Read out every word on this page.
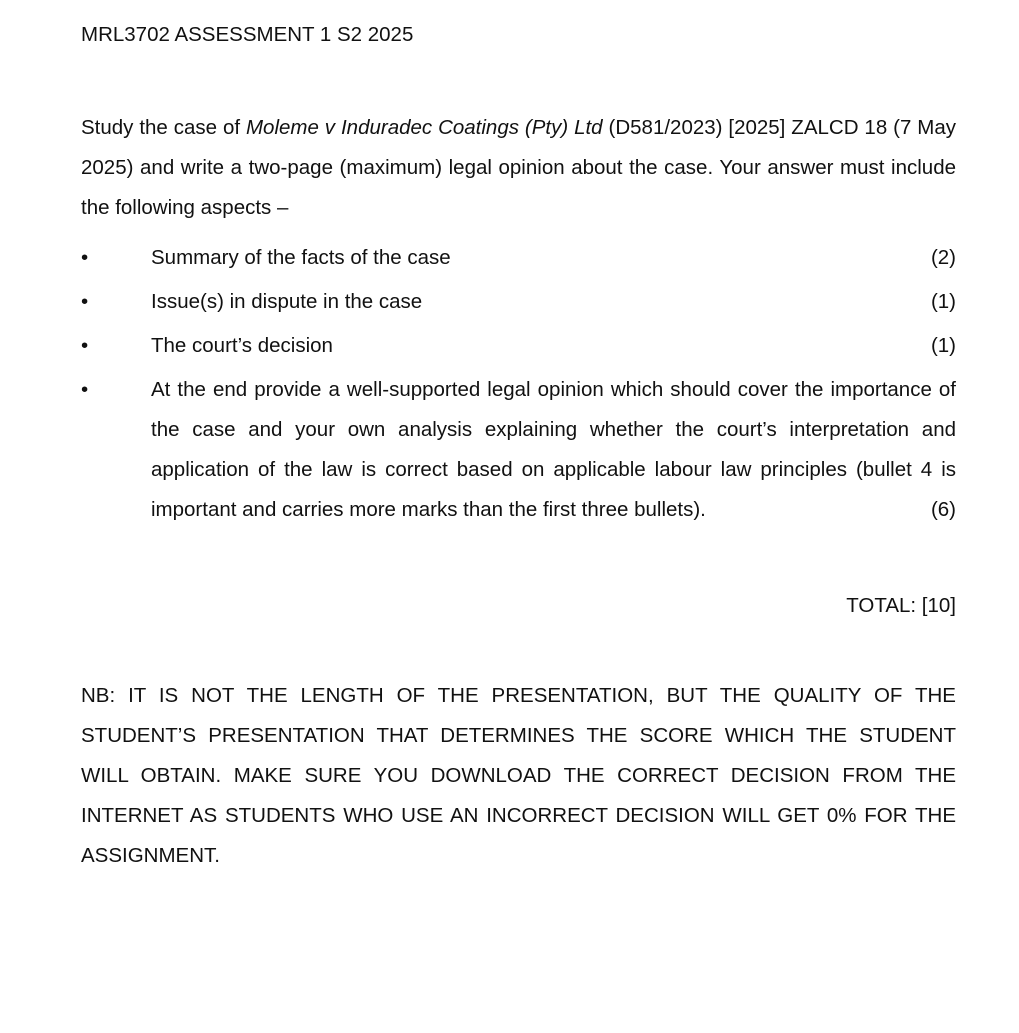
MRL3702 ASSESSMENT 1 S2 2025

Study the case of Moleme v Induradec Coatings (Pty) Ltd (D581/2023) [2025] ZALCD 18 (7 May 2025) and write a two-page (maximum) legal opinion about the case. Your answer must include the following aspects –

•	Summary of the facts of the case	(2)
•	Issue(s) in dispute in the case	(1)
•	The court’s decision	(1)
•	At the end provide a well-supported legal opinion which should cover the importance of the case and your own analysis explaining whether the court’s interpretation and application of the law is correct based on applicable labour law principles (bullet 4 is important and carries more marks than the first three bullets).	(6)
TOTAL: [10]

NB: IT IS NOT THE LENGTH OF THE PRESENTATION, BUT THE QUALITY OF THE STUDENT’S PRESENTATION THAT DETERMINES THE SCORE WHICH THE STUDENT WILL OBTAIN. MAKE SURE YOU DOWNLOAD THE CORRECT DECISION FROM THE INTERNET AS STUDENTS WHO USE AN INCORRECT DECISION WILL GET 0% FOR THE ASSIGNMENT.
